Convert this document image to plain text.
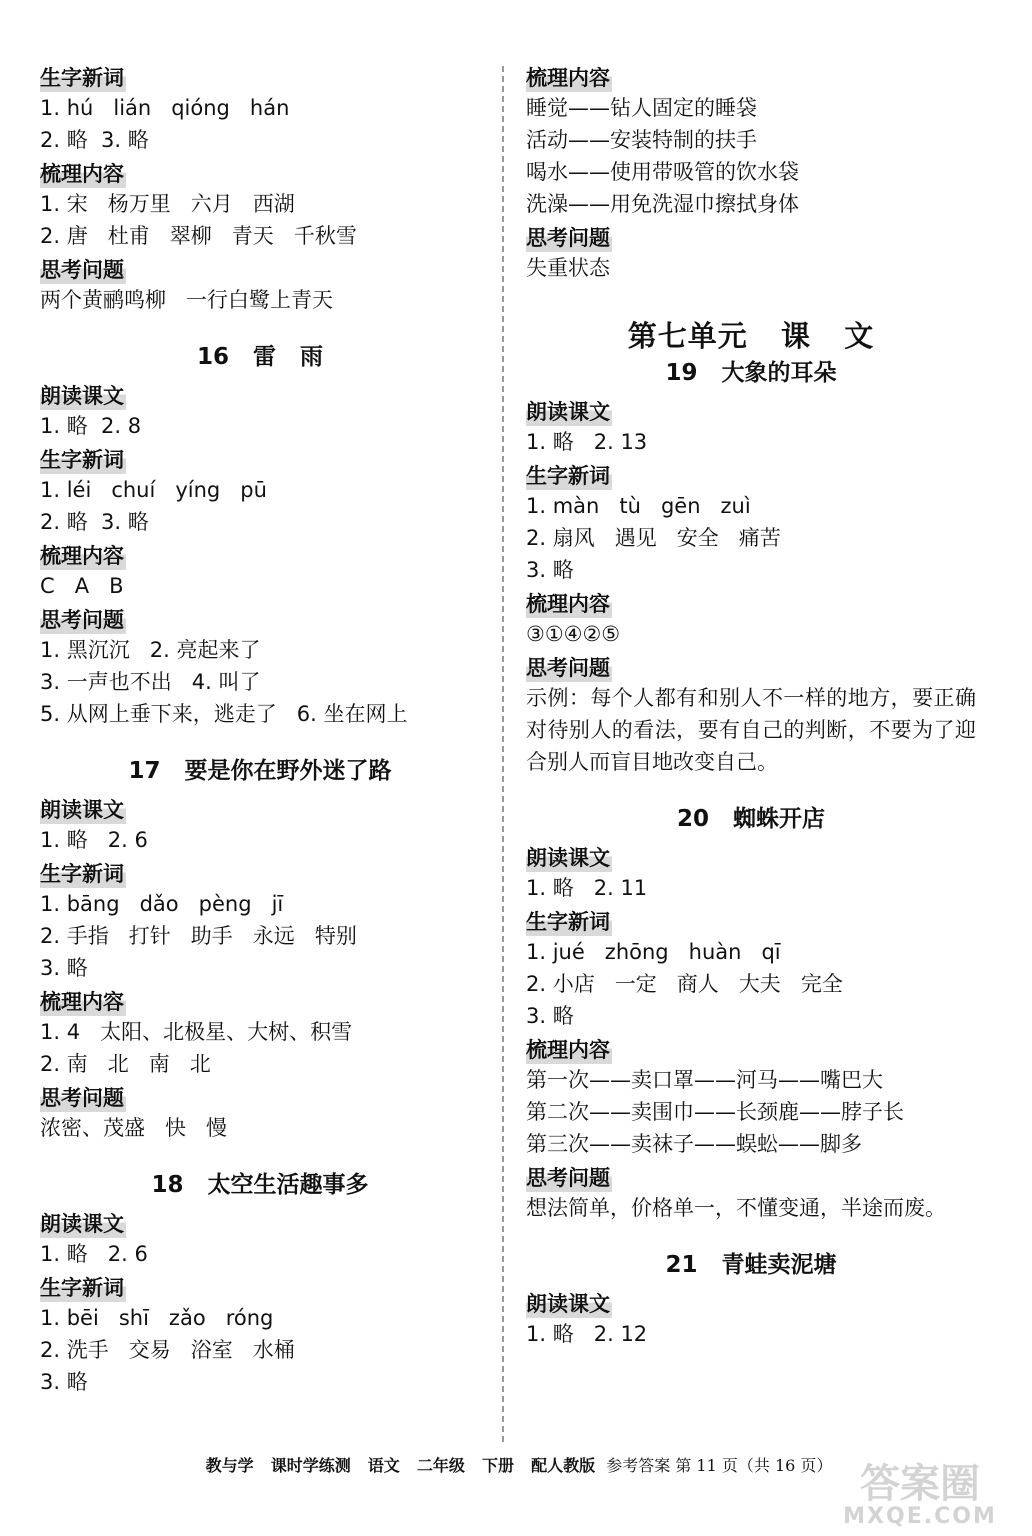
生字新词
1. hú   lián   qióng   hán
2. 略  3. 略
梳理内容
1. 宋   杨万里   六月   西湖
2. 唐   杜甫   翠柳   青天   千秋雪
思考问题
两个黄鹂鸣柳   一行白鹭上青天
16   雷   雨
朗读课文
1. 略  2. 8
生字新词
1. léi   chuí   yíng   pū
2. 略  3. 略
梳理内容
C   A   B
思考问题
1. 黑沉沉   2. 亮起来了
3. 一声也不出   4. 叫了
5. 从网上垂下来，逃走了   6. 坐在网上
17   要是你在野外迷了路
朗读课文
1. 略   2. 6
生字新词
1. bāng   dǎo   pèng   jī
2. 手指   打针   助手   永远   特别
3. 略
梳理内容
1. 4   太阳、北极星、大树、积雪
2. 南   北   南   北
思考问题
浓密、茂盛   快   慢
18   太空生活趣事多
朗读课文
1. 略   2. 6
生字新词
1. bēi   shī   zǎo   róng
2. 洗手   交易   浴室   水桶
3. 略
梳理内容
睡觉——钻人固定的睡袋
活动——安装特制的扶手
喝水——使用带吸管的饮水袋
洗澡——用免洗湿巾擦拭身体
思考问题
失重状态
第七单元   课   文
19   大象的耳朵
朗读课文
1. 略   2. 13
生字新词
1. màn   tù   gēn   zuì
2. 扇风   遇见   安全   痛苦
3. 略
梳理内容
③①④②⑤
思考问题
示例：每个人都有和别人不一样的地方，要正确对待别人的看法，要有自己的判断，不要为了迎合别人而盲目地改变自己。
20   蜘蛛开店
朗读课文
1. 略   2. 11
生字新词
1. jué   zhōng   huàn   qī
2. 小店   一定   商人   大夫   完全
3. 略
梳理内容
第一次——卖口罩——河马——嘴巴大
第二次——卖围巾——长颈鹿——脖子长
第三次——卖袜子——蜈蚣——脚多
思考问题
想法简单，价格单一，不懂变通，半途而废。
21   青蛙卖泥塘
朗读课文
1. 略   2. 12
教与学 课时学练测 语文 二年级 下册 配人教版 参考答案 第 11 页（共 16 页） 答案圈
MXQE.COM
